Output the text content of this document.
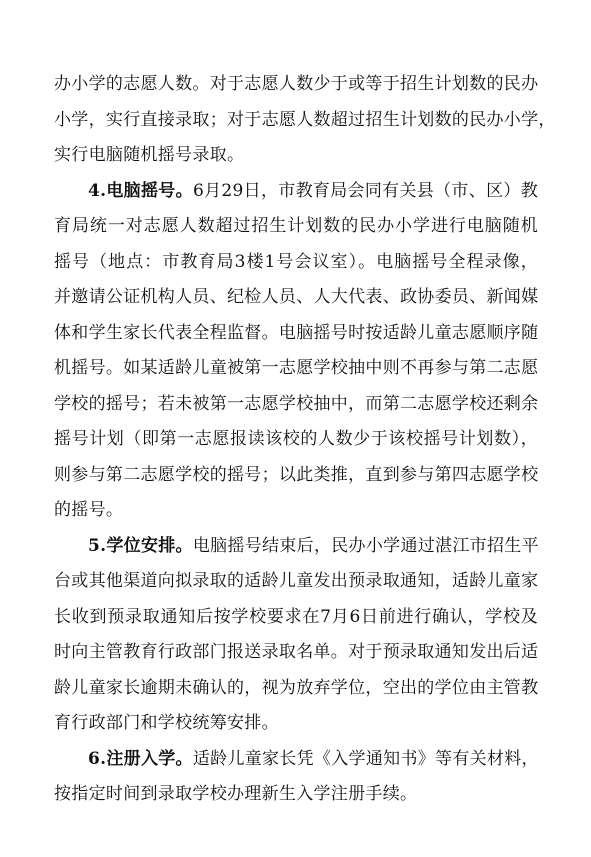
办小学的志愿人数。对于志愿人数少于或等于招生计划数的民办
小学，实行直接录取；对于志愿人数超过招生计划数的民办小学，
实行电脑随机摇号录取。
4.电脑摇号。6月29日，市教育局会同有关县（市、区）教
育局统一对志愿人数超过招生计划数的民办小学进行电脑随机
摇号（地点：市教育局3楼1号会议室）。电脑摇号全程录像，
并邀请公证机构人员、纪检人员、人大代表、政协委员、新闻媒
体和学生家长代表全程监督。电脑摇号时按适龄儿童志愿顺序随
机摇号。如某适龄儿童被第一志愿学校抽中则不再参与第二志愿
学校的摇号；若未被第一志愿学校抽中，而第二志愿学校还剩余
摇号计划（即第一志愿报读该校的人数少于该校摇号计划数），
则参与第二志愿学校的摇号；以此类推，直到参与第四志愿学校
的摇号。
5.学位安排。电脑摇号结束后，民办小学通过湛江市招生平
台或其他渠道向拟录取的适龄儿童发出预录取通知，适龄儿童家
长收到预录取通知后按学校要求在7月6日前进行确认，学校及
时向主管教育行政部门报送录取名单。对于预录取通知发出后适
龄儿童家长逾期未确认的，视为放弃学位，空出的学位由主管教
育行政部门和学校统筹安排。
6.注册入学。适龄儿童家长凭《入学通知书》等有关材料，
按指定时间到录取学校办理新生入学注册手续。
